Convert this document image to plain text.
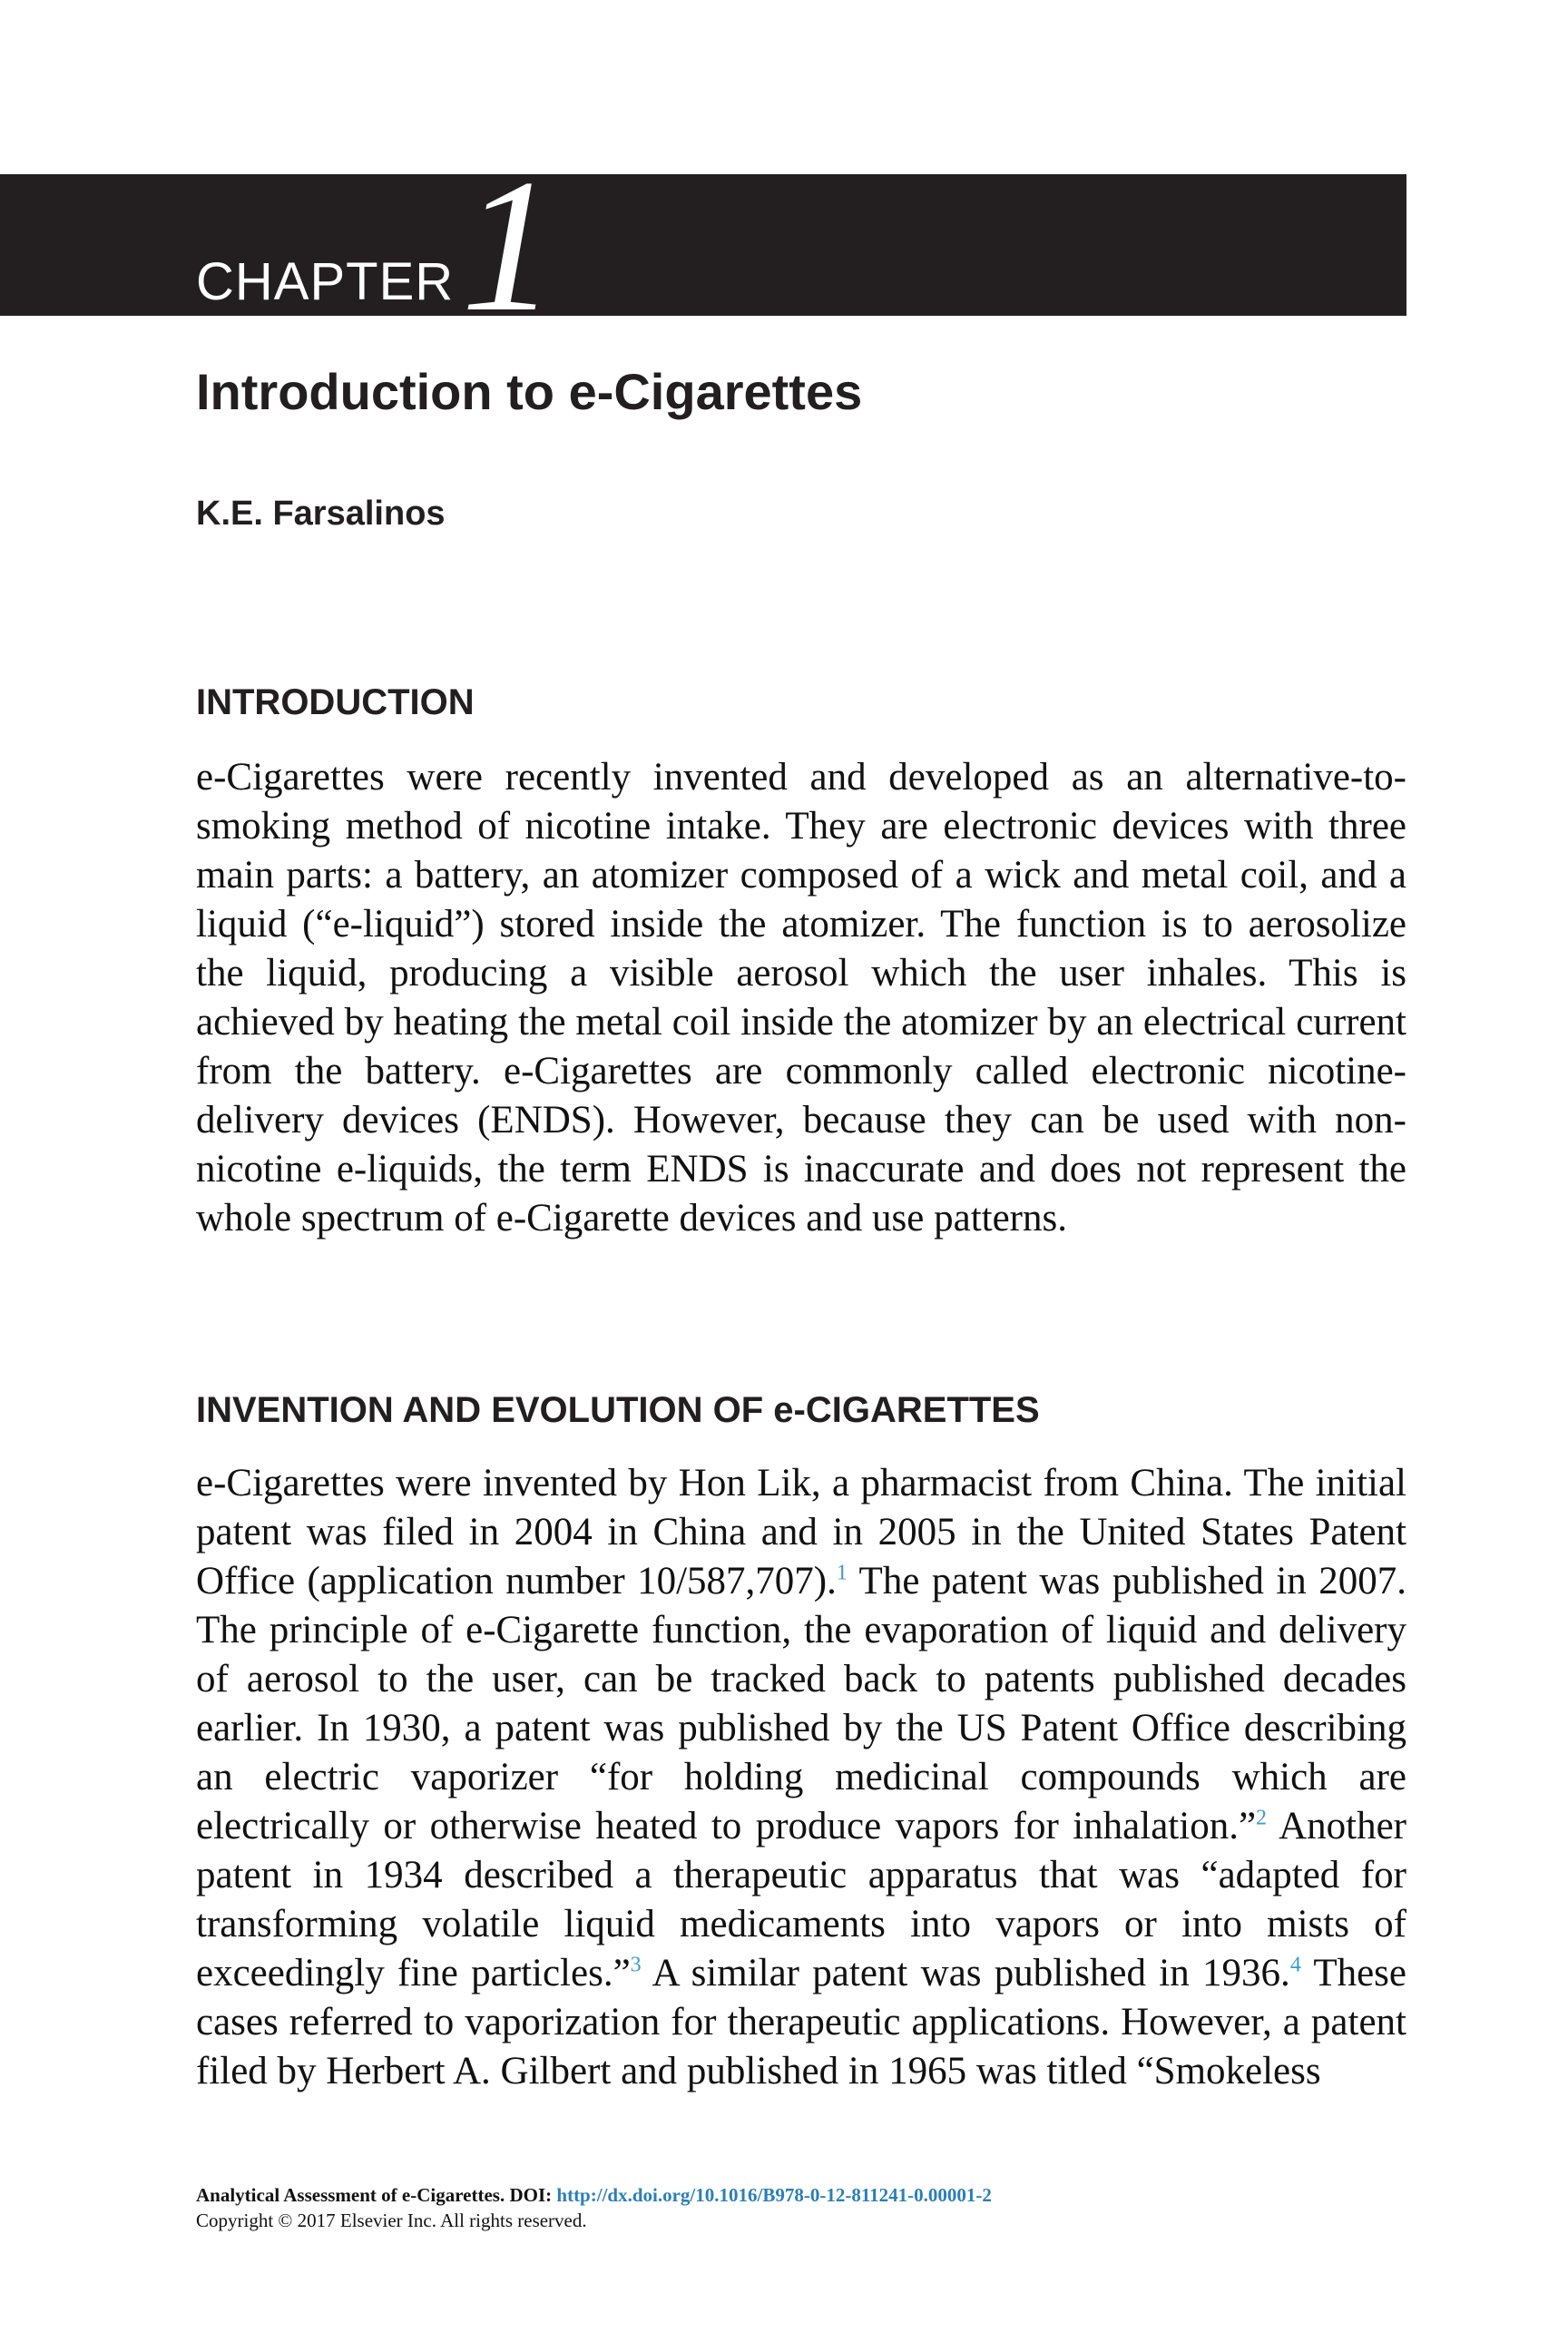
CHAPTER 1
Introduction to e-Cigarettes
K.E. Farsalinos
INTRODUCTION

e-Cigarettes were recently invented and developed as an alternative-to-smoking method of nicotine intake. They are electronic devices with three main parts: a battery, an atomizer composed of a wick and metal coil, and a liquid (“e-liquid”) stored inside the atomizer. The function is to aerosolize the liquid, producing a visible aerosol which the user inhales. This is achieved by heating the metal coil inside the atomizer by an electrical current from the battery. e-Cigarettes are commonly called electronic nicotine-delivery devices (ENDS). However, because they can be used with non-nicotine e-liquids, the term ENDS is inaccurate and does not represent the whole spectrum of e-Cigarette devices and use patterns.

INVENTION AND EVOLUTION OF e-CIGARETTES

e-Cigarettes were invented by Hon Lik, a pharmacist from China. The initial patent was filed in 2004 in China and in 2005 in the United States Patent Office (application number 10/587,707).$^1$ The patent was published in 2007. The principle of e-Cigarette function, the evaporation of liquid and delivery of aerosol to the user, can be tracked back to patents published decades earlier. In 1930, a patent was published by the US Patent Office describing an electric vaporizer “for holding medicinal compounds which are electrically or otherwise heated to produce vapors for inhalation.”$^2$ Another patent in 1934 described a therapeutic apparatus that was “adapted for transforming volatile liquid medicaments into vapors or into mists of exceedingly fine particles.”$^3$ A similar patent was published in 1936.$^4$ These cases referred to vaporization for therapeutic applications. However, a patent filed by Herbert A. Gilbert and published in 1965 was titled “Smokeless

Analytical Assessment of e-Cigarettes. DOI: http://dx.doi.org/10.1016/B978-0-12-811241-0.00001-2
Copyright © 2017 Elsevier Inc. All rights reserved.
